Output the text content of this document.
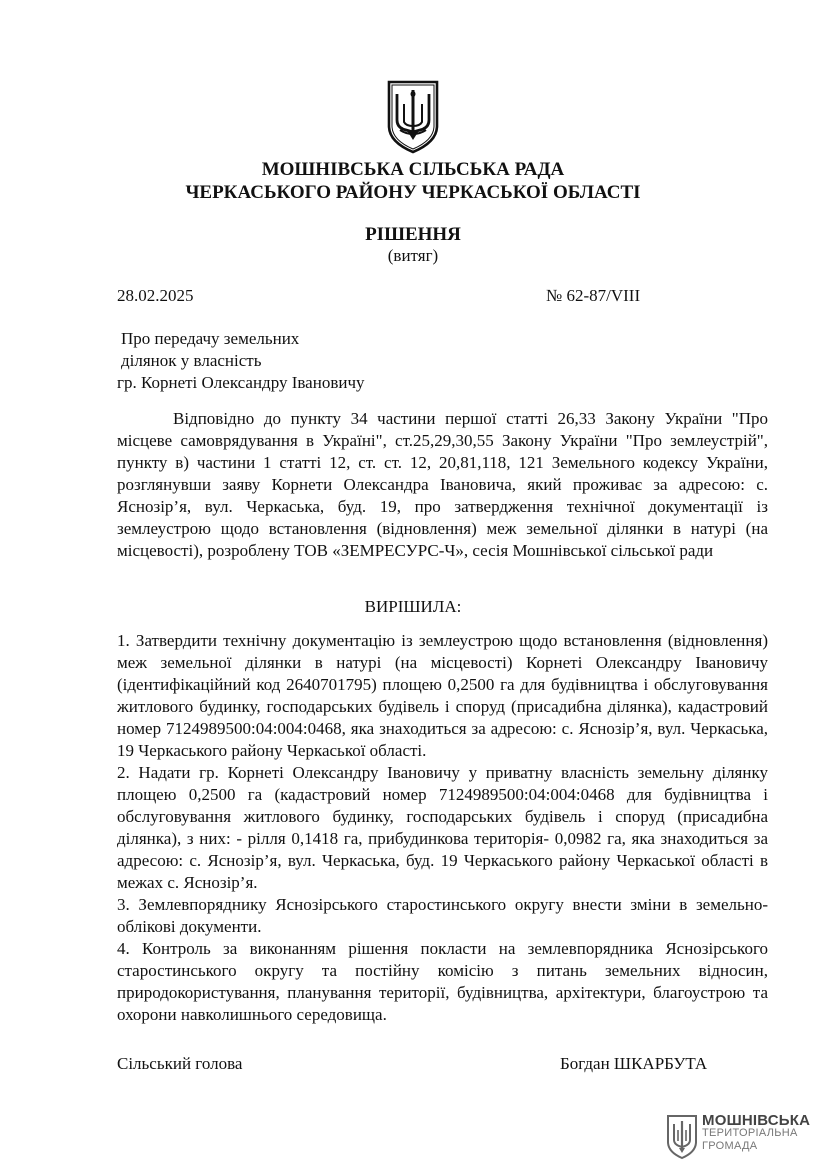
МОШНІВСЬКА СІЛЬСЬКА РАДА
ЧЕРКАСЬКОГО РАЙОНУ ЧЕРКАСЬКОЇ ОБЛАСТІ
РІШЕННЯ
(витяг)
28.02.2025	№ 62-87/VIII
Про передачу земельних
ділянок у власність
гр. Корнеті Олександру Івановичу
Відповідно до пункту 34 частини першої статті 26,33 Закону України "Про місцеве самоврядування в Україні", ст.25,29,30,55 Закону України "Про землеустрій", пункту в) частини 1 статті 12, ст. ст. 12, 20,81,118, 121 Земельного кодексу України, розглянувши заяву Корнети Олександра Івановича, який проживає за адресою: с. Яснозір’я, вул. Черкаська, буд. 19, про затвердження технічної документації із землеустрою щодо встановлення (відновлення) меж земельної ділянки в натурі (на місцевості), розроблену ТОВ «ЗЕМРЕСУРС-Ч», сесія Мошнівської сільської ради
ВИРІШИЛА:

1. Затвердити технічну документацію із землеустрою щодо встановлення (відновлення) меж земельної ділянки в натурі (на місцевості) Корнеті Олександру Івановичу (ідентифікаційний код 2640701795) площею 0,2500 га для будівництва і обслуговування житлового будинку, господарських будівель і споруд (присадибна ділянка), кадастровий номер 7124989500:04:004:0468, яка знаходиться за адресою: с. Яснозір’я, вул. Черкаська, 19 Черкаського району Черкаської області.

2. Надати гр. Корнеті Олександру Івановичу у приватну власність земельну ділянку площею 0,2500 га (кадастровий номер 7124989500:04:004:0468 для будівництва і обслуговування житлового будинку, господарських будівель і споруд (присадибна ділянка), з них: - рілля 0,1418 га, прибудинкова територія- 0,0982 га, яка знаходиться за адресою: с. Яснозір’я, вул. Черкаська, буд. 19 Черкаського району Черкаської області в межах с. Яснозір’я.

3. Землевпоряднику Яснозірського старостинського округу внести зміни в земельно-облікові документи.

4. Контроль за виконанням рішення покласти на землевпорядника Яснозірського старостинського округу та постійну комісію з питань земельних відносин, природокористування, планування території, будівництва, архітектури, благоустрою та охорони навколишнього середовища.

Сільський голова	Богдан ШКАРБУТА
МОШНІВСЬКА
ТЕРИТОРІАЛЬНА
ГРОМАДА
